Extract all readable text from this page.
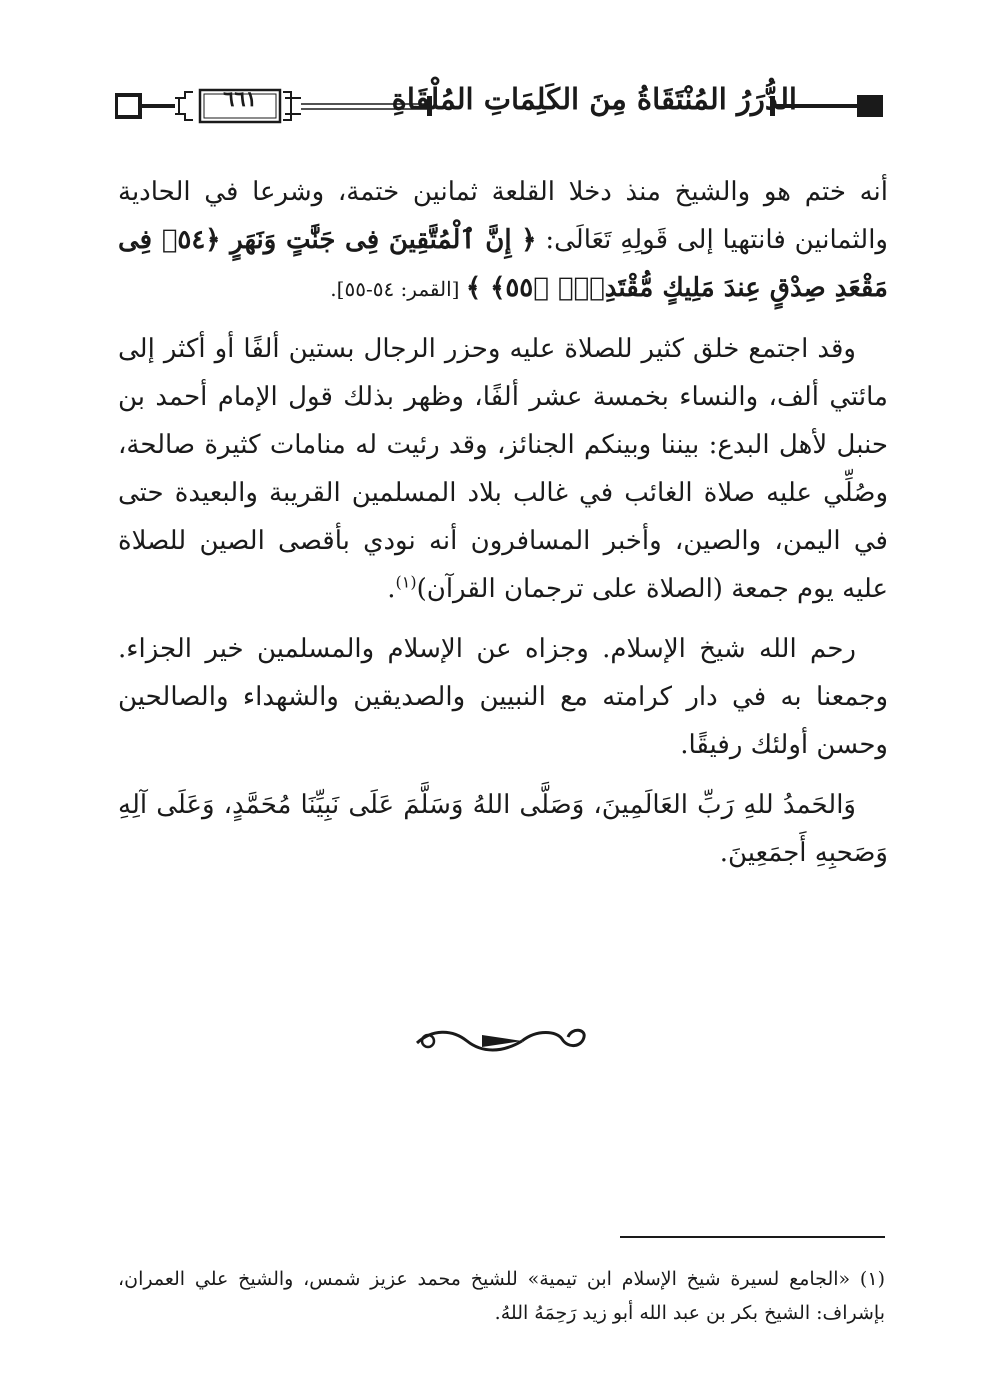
٦٦١	الدُّرَرُ المُنْتَقَاةُ مِنَ الكَلِمَاتِ المُلْقَاةِ

أنه ختم هو والشيخ منذ دخلا القلعة ثمانين ختمة، وشرعا في الحادية والثمانين فانتهيا إلى قَولِهِ تَعَالَى: ﴿ إِنَّ ٱلْمُتَّقِينَ فِى جَنَّٰتٍ وَنَهَرٍ ﴿٥٤﴾ فِى مَقْعَدِ صِدْقٍ عِندَ مَلِيكٍ مُّقْتَدِرٍۭ ﴿٥٥﴾ ﴾ [القمر: ٥٤-٥٥].

وقد اجتمع خلق كثير للصلاة عليه وحزر الرجال بستين ألفًا أو أكثر إلى مائتي ألف، والنساء بخمسة عشر ألفًا، وظهر بذلك قول الإمام أحمد بن حنبل لأهل البدع: بيننا وبينكم الجنائز، وقد رئيت له منامات كثيرة صالحة، وصُلِّي عليه صلاة الغائب في غالب بلاد المسلمين القريبة والبعيدة حتى في اليمن، والصين، وأخبر المسافرون أنه نودي بأقصى الصين للصلاة عليه يوم جمعة (الصلاة على ترجمان القرآن)$^{(١)}$.

رحم الله شيخ الإسلام. وجزاه عن الإسلام والمسلمين خير الجزاء. وجمعنا به في دار كرامته مع النبيين والصديقين والشهداء والصالحين وحسن أولئك رفيقًا.

وَالحَمدُ للهِ رَبِّ العَالَمِينَ، وَصَلَّى اللهُ وَسَلَّمَ عَلَى نَبِيِّنَا مُحَمَّدٍ، وَعَلَى آلِهِ وَصَحبِهِ أَجمَعِينَ.

(١) «الجامع لسيرة شيخ الإسلام ابن تيمية» للشيخ محمد عزيز شمس، والشيخ علي العمران، بإشراف: الشيخ بكر بن عبد الله أبو زيد رَحِمَهُ اللهُ.
